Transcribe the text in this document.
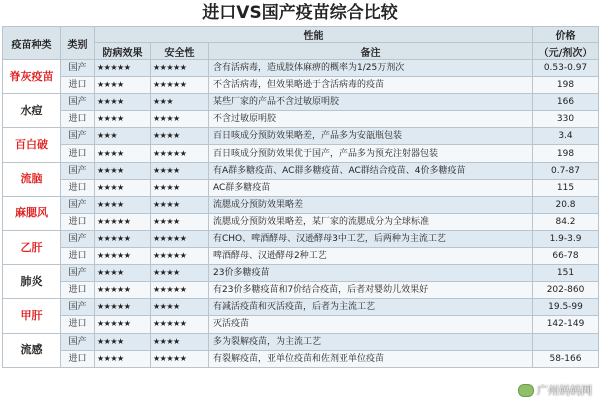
进口VS国产疫苗综合比较
疫苗种类	类别	性能			价格
		防病效果	安全性	备注	（元/剂次）
脊灰疫苗	国产	★★★★★	★★★★★	含有活病毒，造成肢体麻痹的概率为1/25万剂次	0.53-0.97
	进口	★★★★	★★★★★	不含活病毒，但效果略逊于含活病毒的疫苗	198
水痘	国产	★★★★	★★★	某些厂家的产品不含过敏原明胶	166
	进口	★★★★	★★★★	不含过敏原明胶	330
百白破	国产	★★★	★★★★	百日咳成分预防效果略差，产品多为安瓿瓶包装	3.4
	进口	★★★★	★★★★★	百日咳成分预防效果优于国产，产品多为预充注射器包装	198
流脑	国产	★★★★	★★★★	有A群多糖疫苗、AC群多糖疫苗、AC群结合疫苗、4价多糖疫苗	0.7-87
	进口	★★★★	★★★★	AC群多糖疫苗	115
麻腮风	国产	★★★★	★★★★	流腮成分预防效果略差	20.8
	进口	★★★★★	★★★★	流腮成分预防效果略差，某厂家的流腮成分为全球标准	84.2
乙肝	国产	★★★★★	★★★★★	有CHO、啤酒酵母、汉逊酵母3中工艺，后两种为主流工艺	1.9-3.9
	进口	★★★★★	★★★★★	啤酒酵母、汉逊酵母2种工艺	66-78
肺炎	国产	★★★★	★★★★	23价多糖疫苗	151
	进口	★★★★★	★★★★★	有23价多糖疫苗和7价结合疫苗，后者对婴幼儿效果好	202-860
甲肝	国产	★★★★★	★★★★	有减活疫苗和灭活疫苗，后者为主流工艺	19.5-99
	进口	★★★★★	★★★★★	灭活疫苗	142-149
流感	国产	★★★★	★★★★	多为裂解疫苗，为主流工艺	
	进口	★★★★	★★★★★	有裂解疫苗，亚单位疫苗和佐剂亚单位疫苗	58-166
广州妈妈网
